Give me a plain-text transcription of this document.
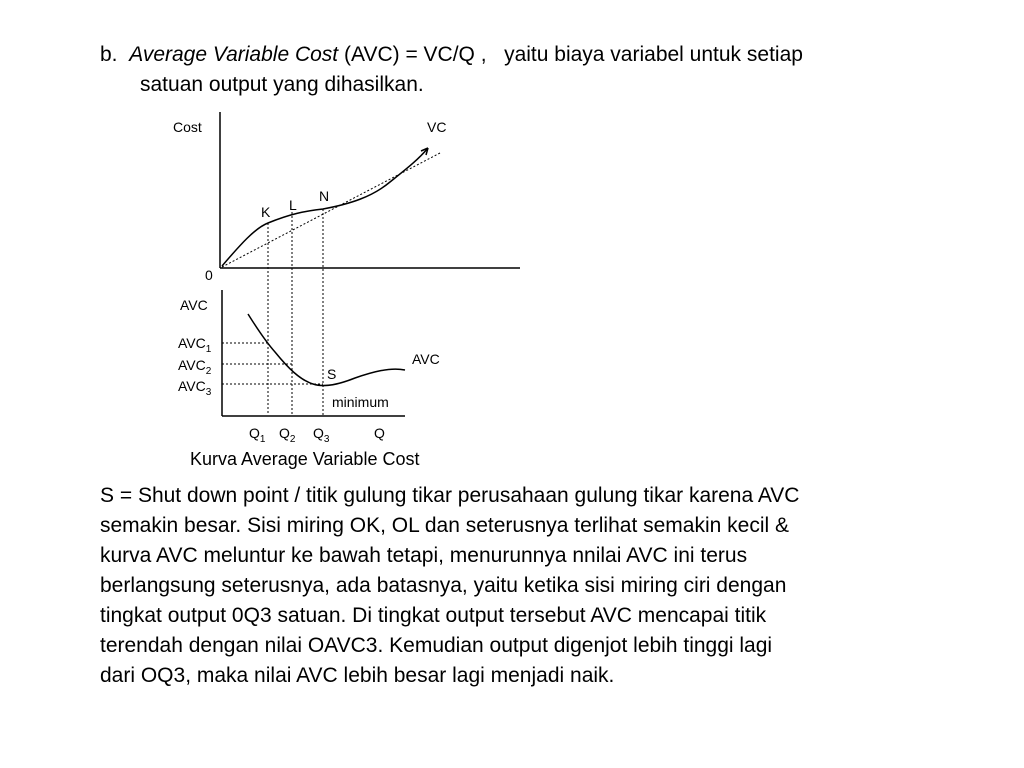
b. Average Variable Cost (AVC) = VC/Q , yaitu biaya variabel untuk setiap
satuan output yang dihasilkan.
Cost	VC
0
K L
N
AVC
$AVC_1$
$AVC_2$
$AVC_3$
AVC
S
minimum
$Q_1$ $Q_2$ $Q_3$	Q
Kurva Average Variable Cost
S = Shut down point / titik gulung tikar perusahaan gulung tikar karena AVC
semakin besar. Sisi miring OK, OL dan seterusnya terlihat semakin kecil &
kurva AVC meluntur ke bawah tetapi, menurunnya nnilai AVC ini terus
berlangsung seterusnya, ada batasnya, yaitu ketika sisi miring ciri dengan
tingkat output 0Q3 satuan. Di tingkat output tersebut AVC mencapai titik
terendah dengan nilai OAVC3. Kemudian output digenjot lebih tinggi lagi
dari OQ3, maka nilai AVC lebih besar lagi menjadi naik.
